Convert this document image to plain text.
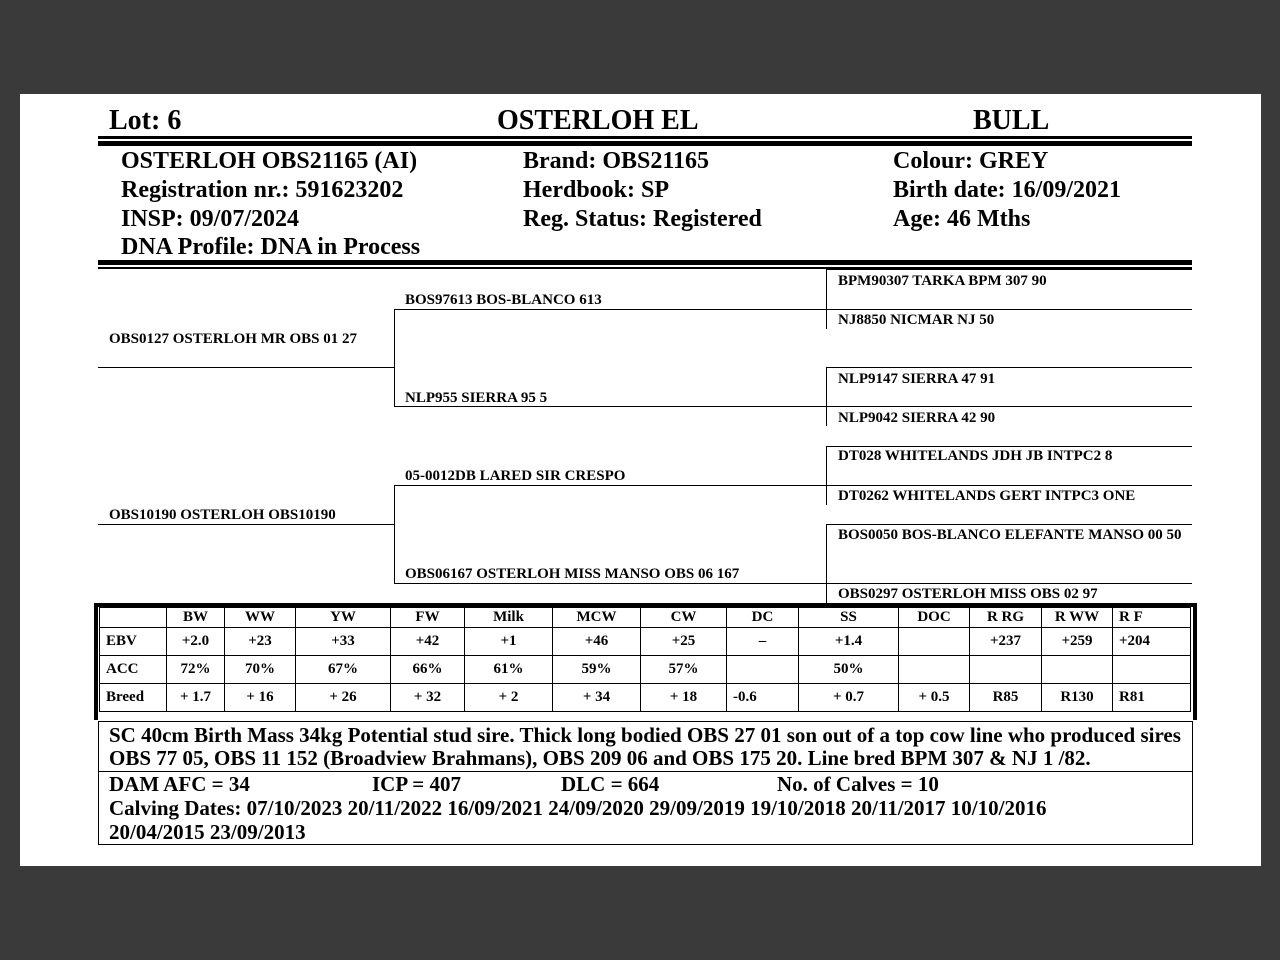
Lot: 6	OSTERLOH EL	BULL
OSTERLOH OBS21165 (AI)
Registration nr.: 591623202
INSP: 09/07/2024
DNA Profile: DNA in Process
Brand: OBS21165
Herdbook: SP
Reg. Status: Registered
Colour: GREY
Birth date: 16/09/2021
Age: 46 Mths
OBS0127 OSTERLOH MR OBS 01 27
OBS10190 OSTERLOH OBS10190
BOS97613 BOS-BLANCO 613
NLP955 SIERRA 95 5
05-0012DB LARED SIR CRESPO
OBS06167 OSTERLOH MISS MANSO OBS 06 167
BPM90307 TARKA BPM 307 90
NJ8850 NICMAR NJ 50
NLP9147 SIERRA 47 91
NLP9042 SIERRA 42 90
DT028 WHITELANDS JDH JB INTPC2 8
DT0262 WHITELANDS GERT INTPC3 ONE
BOS0050 BOS-BLANCO ELEFANTE MANSO 00 50
OBS0297 OSTERLOH MISS OBS 02 97
	BW	WW	YW	FW	Milk	MCW	CW	DC	SS	DOC	R RG	R WW	R F
EBV	+2.0	+23	+33	+42	+1	+46	+25	–	+1.4		+237	+259	+204
ACC	72%	70%	67%	66%	61%	59%	57%		50%				
Breed	+ 1.7	+ 16	+ 26	+ 32	+ 2	+ 34	+ 18	-0.6	+ 0.7	+ 0.5	R85	R130	R81
SC 40cm Birth Mass 34kg Potential stud sire. Thick long bodied OBS 27 01 son out of a top cow line who produced sires OBS 77 05, OBS 11 152 (Broadview Brahmans), OBS 209 06 and OBS 175 20. Line bred BPM 307 & NJ 1 /82.
DAM AFC = 34	ICP = 407	DLC = 664	No. of Calves = 10
Calving Dates: 07/10/2023 20/11/2022 16/09/2021 24/09/2020 29/09/2019 19/10/2018 20/11/2017 10/10/2016
20/04/2015 23/09/2013
